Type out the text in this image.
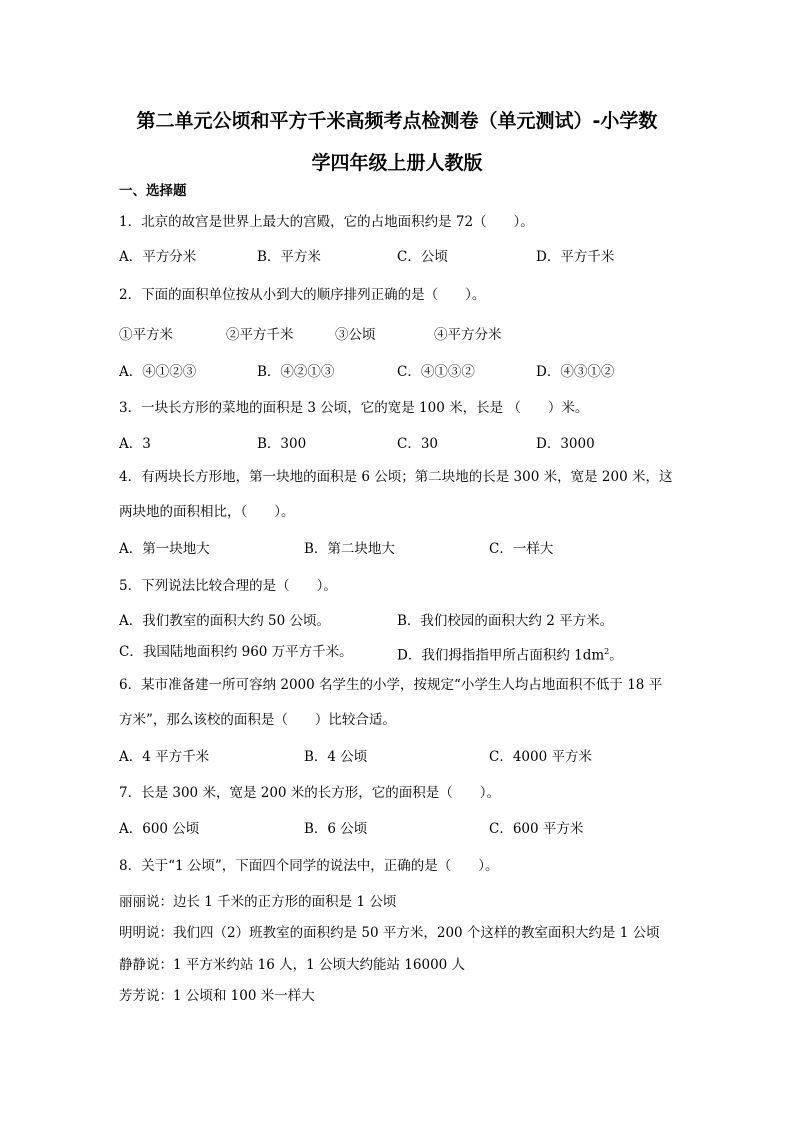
第二单元公顷和平方千米高频考点检测卷（单元测试）-小学数
学四年级上册人教版
一、选择题
1．北京的故宫是世界上最大的宫殿，它的占地面积约是 72（　　）。
A．平方分米	B．平方米	C．公顷	D．平方千米
2．下面的面积单位按从小到大的顺序排列正确的是（　　）。
①平方米	②平方千米	③公顷	④平方分米
A．④①②③	B．④②①③	C．④①③②	D．④③①②
3．一块长方形的菜地的面积是 3 公顷，它的宽是 100 米，长是 （　　）米。
A．3	B．300	C．30	D．3000
4．有两块长方形地，第一块地的面积是 6 公顷；第二块地的长是 300 米，宽是 200 米，这
两块地的面积相比，（　　）。
A．第一块地大	B．第二块地大	C．一样大
5．下列说法比较合理的是（　　）。
A．我们教室的面积大约 50 公顷。	B．我们校园的面积大约 2 平方米。
C．我国陆地面积约 960 万平方千米。	D．我们拇指指甲所占面积约 $1dm^2$。
6．某市准备建一所可容纳 2000 名学生的小学，按规定“小学生人均占地面积不低于 18 平
方米”，那么该校的面积是（　　）比较合适。
A．4 平方千米	B．4 公顷	C．4000 平方米
7．长是 300 米，宽是 200 米的长方形，它的面积是（　　）。
A．600 公顷	B．6 公顷	C．600 平方米
8．关于“1 公顷”，下面四个同学的说法中，正确的是（　　）。
丽丽说：边长 1 千米的正方形的面积是 1 公顷
明明说：我们四（2）班教室的面积约是 50 平方米，200 个这样的教室面积大约是 1 公顷
静静说：1 平方米约站 16 人，1 公顷大约能站 16000 人
芳芳说：1 公顷和 100 米一样大
